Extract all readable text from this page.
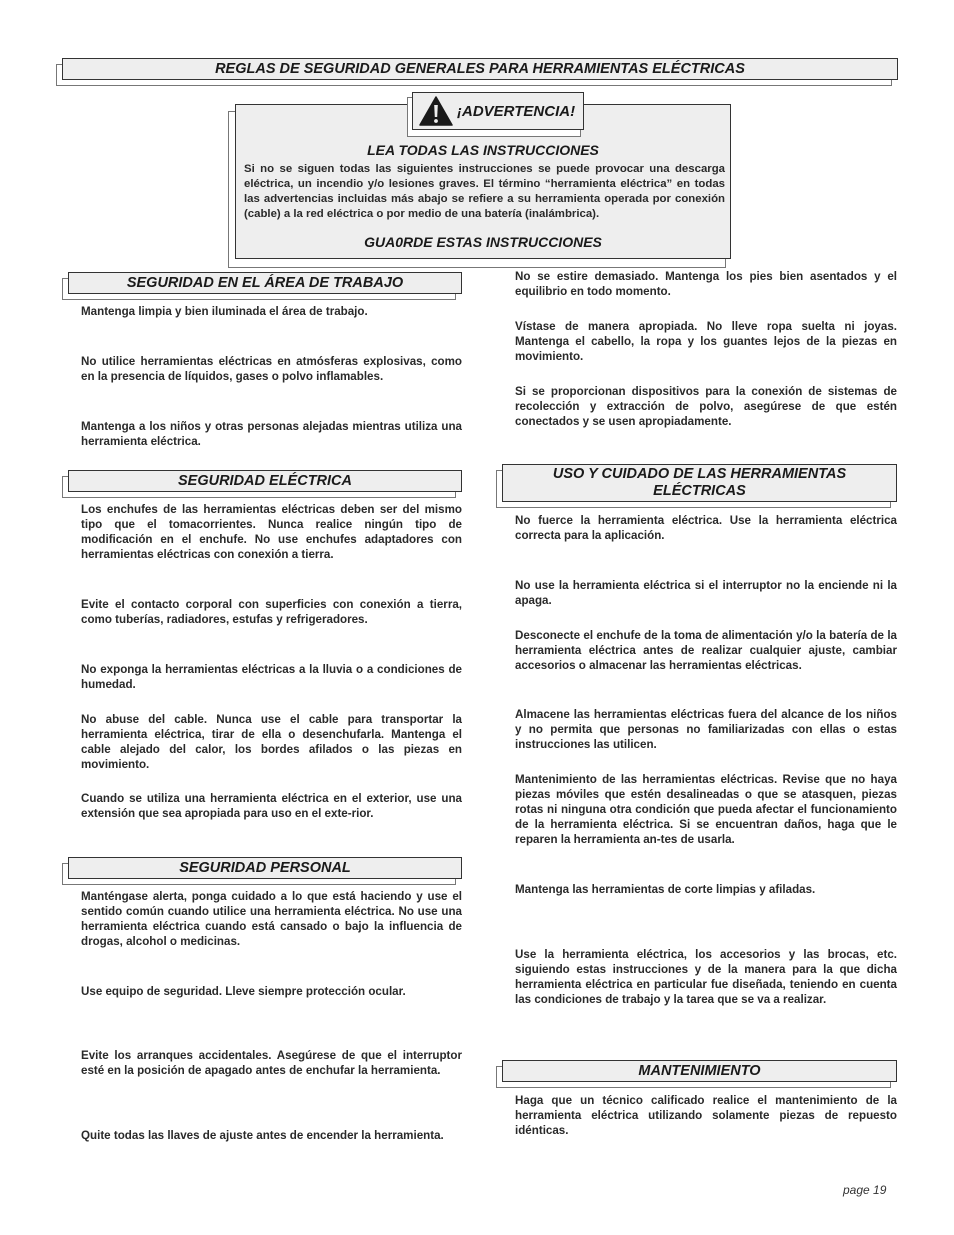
REGLAS DE SEGURIDAD GENERALES PARA HERRAMIENTAS ELÉCTRICAS
LEA TODAS LAS INSTRUCCIONES

Si no se siguen todas las siguientes instrucciones se puede provocar una descarga eléctrica, un incendio y/o lesiones graves. El término “herramienta eléctrica” en todas las advertencias incluidas más abajo se refiere a su herramienta operada por conexión (cable) a la red eléctrica o por medio de una batería (inalámbrica).

GUA0RDE ESTAS INSTRUCCIONES
¡ADVERTENCIA!
SEGURIDAD EN EL ÁREA DE TRABAJO

Mantenga limpia y bien iluminada el área de trabajo.

No utilice herramientas eléctricas en atmósferas explosivas, como en la presencia de líquidos, gases o polvo inflamables.

Mantenga a los niños y otras personas alejadas mientras utiliza una herramienta eléctrica.

SEGURIDAD ELÉCTRICA

Los enchufes de las herramientas eléctricas deben ser del mismo tipo que el tomacorrientes. Nunca realice ningún tipo de modificación en el enchufe. No use enchufes adaptadores con herramientas eléctricas con conexión a tierra.

Evite el contacto corporal con superficies con conexión a tierra, como tuberías, radiadores, estufas y refrigeradores.

No exponga la herramientas eléctricas a la lluvia o a condiciones de humedad.

No abuse del cable. Nunca use el cable para transportar la herramienta eléctrica, tirar de ella o desenchufarla. Mantenga el cable alejado del calor, los bordes afilados o las piezas en movimiento.

Cuando se utiliza una herramienta eléctrica en el exterior, use una extensión que sea apropiada para uso en el exte-rior.

SEGURIDAD PERSONAL

Manténgase alerta, ponga cuidado a lo que está haciendo y use el sentido común cuando utilice una herramienta eléctrica. No use una herramienta eléctrica cuando está cansado o bajo la influencia de drogas, alcohol o medicinas.

Use equipo de seguridad. Lleve siempre protección ocular.

Evite los arranques accidentales. Asegúrese de que el interruptor esté en la posición de apagado antes de enchufar la herramienta.

Quite todas las llaves de ajuste antes de encender la herramienta.

No se estire demasiado. Mantenga los pies bien asentados y el equilibrio en todo momento.

Vístase de manera apropiada. No lleve ropa suelta ni joyas. Mantenga el cabello, la ropa y los guantes lejos de la piezas en movimiento.

Si se proporcionan dispositivos para la conexión de sistemas de recolección y extracción de polvo, asegúrese de que estén conectados y se usen apropiadamente.

USO Y CUIDADO DE LAS HERRAMIENTAS
ELÉCTRICAS

No fuerce la herramienta eléctrica. Use la herramienta eléctrica correcta para la aplicación.

No use la herramienta eléctrica si el interruptor no la enciende ni la apaga.

Desconecte el enchufe de la toma de alimentación y/o la batería de la herramienta eléctrica antes de realizar cualquier ajuste, cambiar accesorios o almacenar las herramientas eléctricas.

Almacene las herramientas eléctricas fuera del alcance de los niños y no permita que personas no familiarizadas con ellas o estas instrucciones las utilicen.

Mantenimiento de las herramientas eléctricas. Revise que no haya piezas móviles que estén desalineadas o que se atasquen, piezas rotas ni ninguna otra condición que pueda afectar el funcionamiento de la herramienta eléctrica. Si se encuentran daños, haga que le reparen la herramienta an-tes de usarla.

Mantenga las herramientas de corte limpias y afiladas.

Use la herramienta eléctrica, los accesorios y las brocas, etc. siguiendo estas instrucciones y de la manera para la que dicha herramienta eléctrica en particular fue diseñada, teniendo en cuenta las condiciones de trabajo y la tarea que se va a realizar.

MANTENIMIENTO

Haga que un técnico calificado realice el mantenimiento de la herramienta eléctrica utilizando solamente piezas de repuesto idénticas.

page 19
